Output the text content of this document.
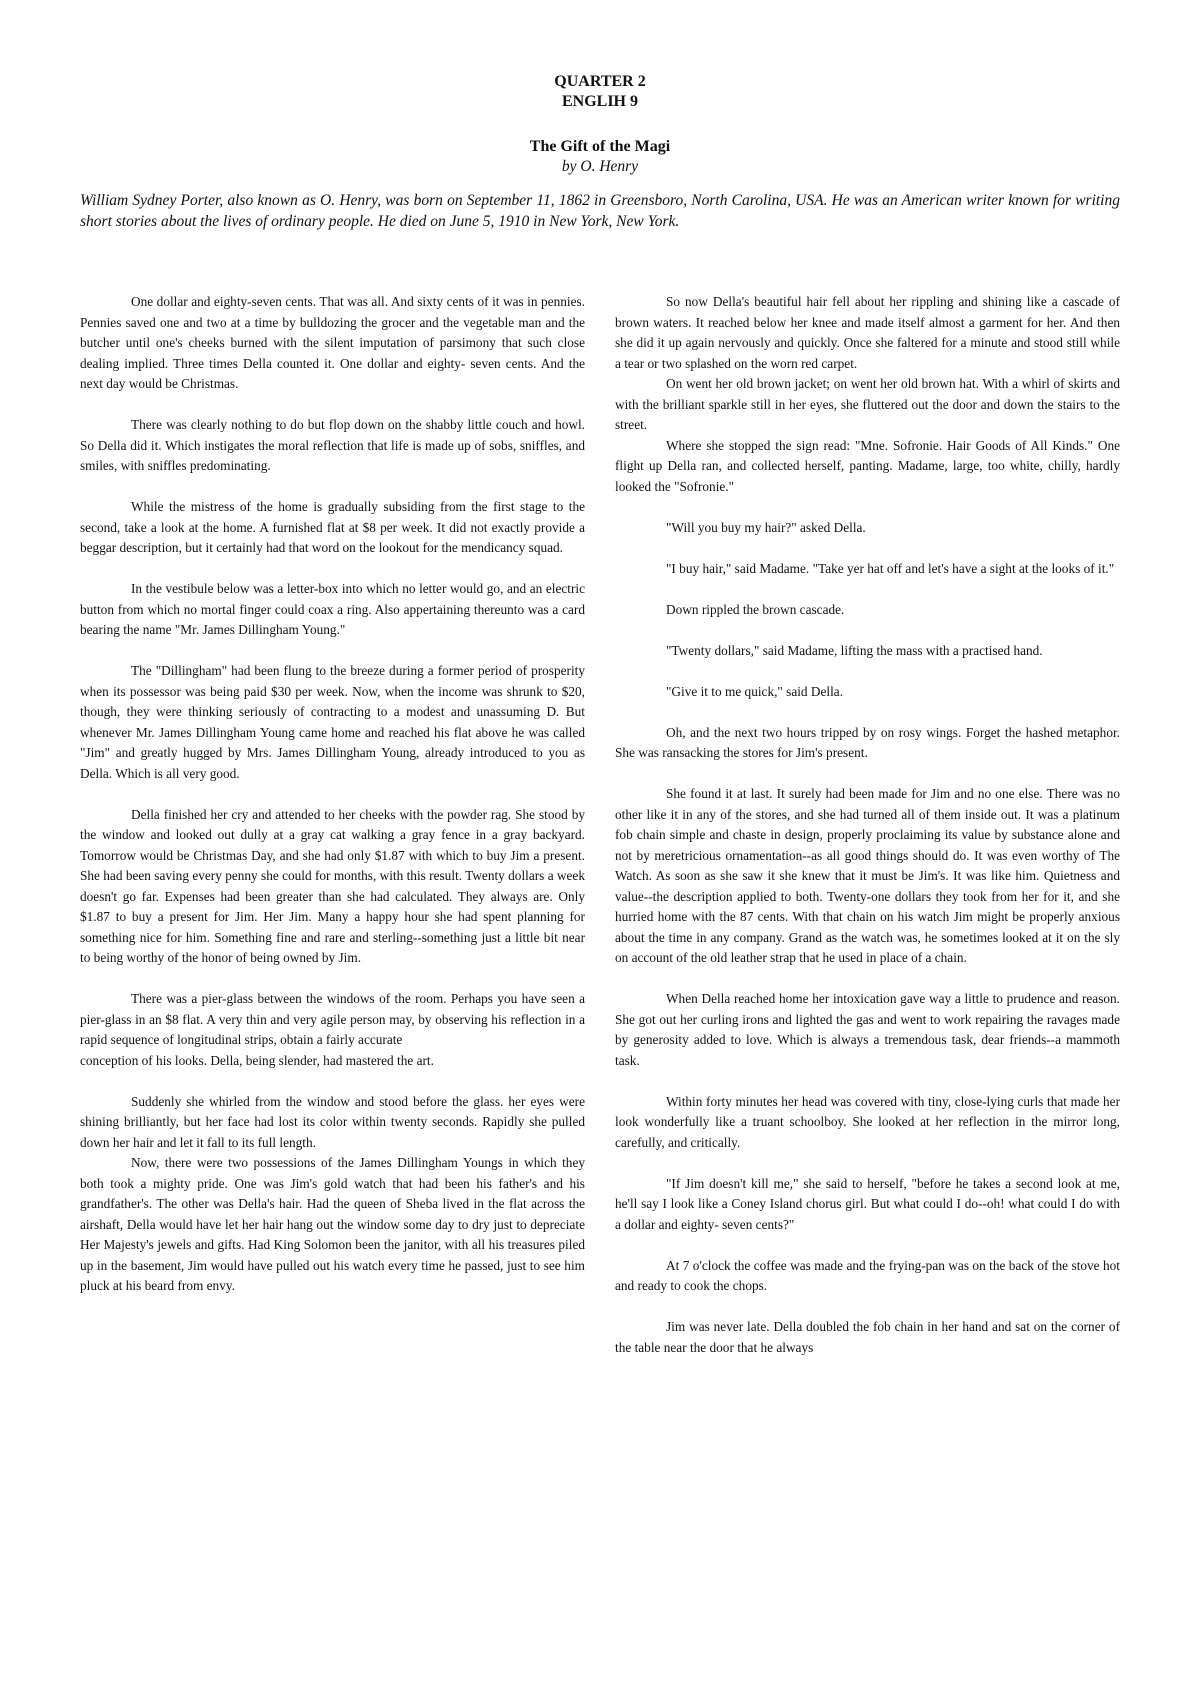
QUARTER 2
ENGLIH 9
The Gift of the Magi
by O. Henry

William Sydney Porter, also known as O. Henry, was born on September 11, 1862 in Greensboro, North Carolina, USA. He was an American writer known for writing short stories about the lives of ordinary people. He died on June 5, 1910 in New York, New York.

One dollar and eighty-seven cents. That was all. And sixty cents of it was in pennies. Pennies saved one and two at a time by bulldozing the grocer and the vegetable man and the butcher until one's cheeks burned with the silent imputation of parsimony that such close dealing implied. Three times Della counted it. One dollar and eighty- seven cents. And the next day would be Christmas.

There was clearly nothing to do but flop down on the shabby little couch and howl. So Della did it. Which instigates the moral reflection that life is made up of sobs, sniffles, and smiles, with sniffles predominating.

While the mistress of the home is gradually subsiding from the first stage to the second, take a look at the home. A furnished flat at $8 per week. It did not exactly provide a beggar description, but it certainly had that word on the lookout for the mendicancy squad.

In the vestibule below was a letter-box into which no letter would go, and an electric button from which no mortal finger could coax a ring. Also appertaining thereunto was a card bearing the name "Mr. James Dillingham Young."

The "Dillingham" had been flung to the breeze during a former period of prosperity when its possessor was being paid $30 per week. Now, when the income was shrunk to $20, though, they were thinking seriously of contracting to a modest and unassuming D. But whenever Mr. James Dillingham Young came home and reached his flat above he was called "Jim" and greatly hugged by Mrs. James Dillingham Young, already introduced to you as Della. Which is all very good.

Della finished her cry and attended to her cheeks with the powder rag. She stood by the window and looked out dully at a gray cat walking a gray fence in a gray backyard. Tomorrow would be Christmas Day, and she had only $1.87 with which to buy Jim a present. She had been saving every penny she could for months, with this result. Twenty dollars a week doesn't go far. Expenses had been greater than she had calculated. They always are. Only $1.87 to buy a present for Jim. Her Jim. Many a happy hour she had spent planning for something nice for him. Something fine and rare and sterling--something just a little bit near to being worthy of the honor of being owned by Jim.

There was a pier-glass between the windows of the room. Perhaps you have seen a pier-glass in an $8 flat. A very thin and very agile person may, by observing his reflection in a rapid sequence of longitudinal strips, obtain a fairly accurate

conception of his looks. Della, being slender, had mastered the art.

Suddenly she whirled from the window and stood before the glass. her eyes were shining brilliantly, but her face had lost its color within twenty seconds. Rapidly she pulled down her hair and let it fall to its full length.

Now, there were two possessions of the James Dillingham Youngs in which they both took a mighty pride. One was Jim's gold watch that had been his father's and his grandfather's. The other was Della's hair. Had the queen of Sheba lived in the flat across the airshaft, Della would have let her hair hang out the window some day to dry just to depreciate Her Majesty's jewels and gifts. Had King Solomon been the janitor, with all his treasures piled up in the basement, Jim would have pulled out his watch every time he passed, just to see him pluck at his beard from envy.

So now Della's beautiful hair fell about her rippling and shining like a cascade of brown waters. It reached below her knee and made itself almost a garment for her. And then she did it up again nervously and quickly. Once she faltered for a minute and stood still while a tear or two splashed on the worn red carpet.

On went her old brown jacket; on went her old brown hat. With a whirl of skirts and with the brilliant sparkle still in her eyes, she fluttered out the door and down the stairs to the street.

Where she stopped the sign read: "Mne. Sofronie. Hair Goods of All Kinds." One flight up Della ran, and collected herself, panting. Madame, large, too white, chilly, hardly looked the "Sofronie."

"Will you buy my hair?" asked Della.

"I buy hair," said Madame. "Take yer hat off and let's have a sight at the looks of it."

Down rippled the brown cascade.

"Twenty dollars," said Madame, lifting the mass with a practised hand.

"Give it to me quick," said Della.

Oh, and the next two hours tripped by on rosy wings. Forget the hashed metaphor. She was ransacking the stores for Jim's present.

She found it at last. It surely had been made for Jim and no one else. There was no other like it in any of the stores, and she had turned all of them inside out. It was a platinum fob chain simple and chaste in design, properly proclaiming its value by substance alone and not by meretricious ornamentation--as all good things should do. It was even worthy of The Watch. As soon as she saw it she knew that it must be Jim's. It was like him. Quietness and value--the description applied to both. Twenty-one dollars they took from her for it, and she hurried home with the 87 cents. With that chain on his watch Jim might be properly anxious about the time in any company. Grand as the watch was, he sometimes looked at it on the sly on account of the old leather strap that he used in place of a chain.

When Della reached home her intoxication gave way a little to prudence and reason. She got out her curling irons and lighted the gas and went to work repairing the ravages made by generosity added to love. Which is always a tremendous task, dear friends--a mammoth task.

Within forty minutes her head was covered with tiny, close-lying curls that made her look wonderfully like a truant schoolboy. She looked at her reflection in the mirror long, carefully, and critically.

"If Jim doesn't kill me," she said to herself, "before he takes a second look at me, he'll say I look like a Coney Island chorus girl. But what could I do--oh! what could I do with a dollar and eighty- seven cents?"

At 7 o'clock the coffee was made and the frying-pan was on the back of the stove hot and ready to cook the chops.

Jim was never late. Della doubled the fob chain in her hand and sat on the corner of the table near the door that he always
